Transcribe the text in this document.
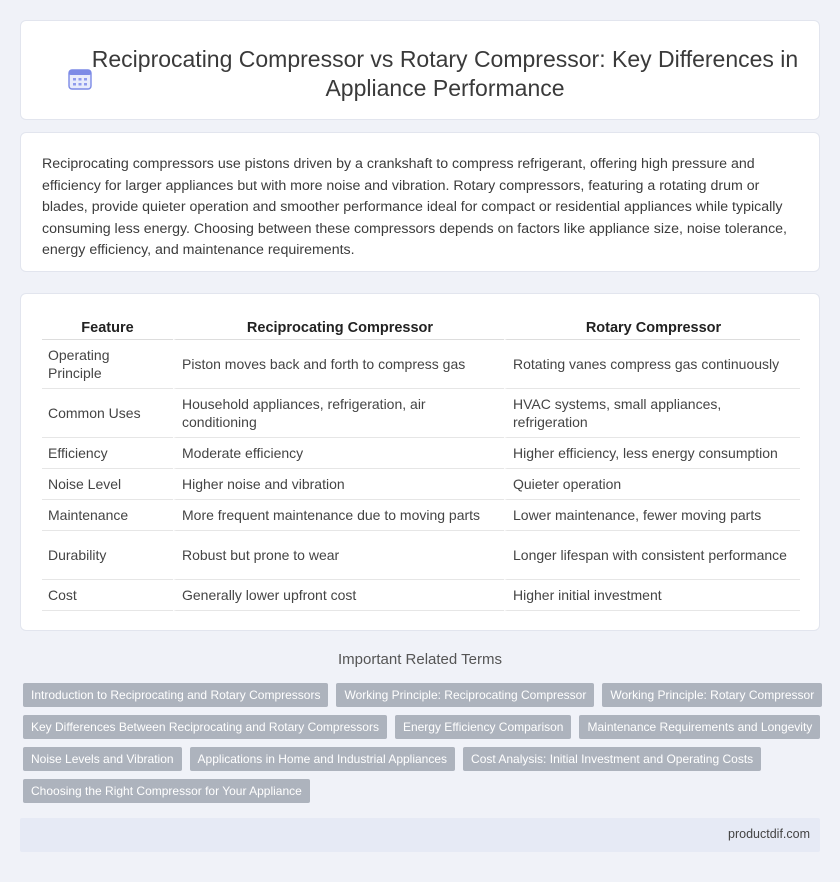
Reciprocating Compressor vs Rotary Compressor: Key Differences in Appliance Performance

Reciprocating compressors use pistons driven by a crankshaft to compress refrigerant, offering high pressure and efficiency for larger appliances but with more noise and vibration. Rotary compressors, featuring a rotating drum or blades, provide quieter operation and smoother performance ideal for compact or residential appliances while typically consuming less energy. Choosing between these compressors depends on factors like appliance size, noise tolerance, energy efficiency, and maintenance requirements.

Feature	Reciprocating Compressor	Rotary Compressor
Operating Principle	Piston moves back and forth to compress gas	Rotating vanes compress gas continuously
Common Uses	Household appliances, refrigeration, air conditioning	HVAC systems, small appliances, refrigeration
Efficiency	Moderate efficiency	Higher efficiency, less energy consumption
Noise Level	Higher noise and vibration	Quieter operation
Maintenance	More frequent maintenance due to moving parts	Lower maintenance, fewer moving parts
Durability	Robust but prone to wear	Longer lifespan with consistent performance
Cost	Generally lower upfront cost	Higher initial investment
Important Related Terms
Introduction to Reciprocating and Rotary Compressors	Working Principle: Reciprocating Compressor	Working Principle: Rotary Compressor
Key Differences Between Reciprocating and Rotary Compressors	Energy Efficiency Comparison	Maintenance Requirements and Longevity
Noise Levels and Vibration	Applications in Home and Industrial Appliances	Cost Analysis: Initial Investment and Operating Costs
Choosing the Right Compressor for Your Appliance
productdif.com
